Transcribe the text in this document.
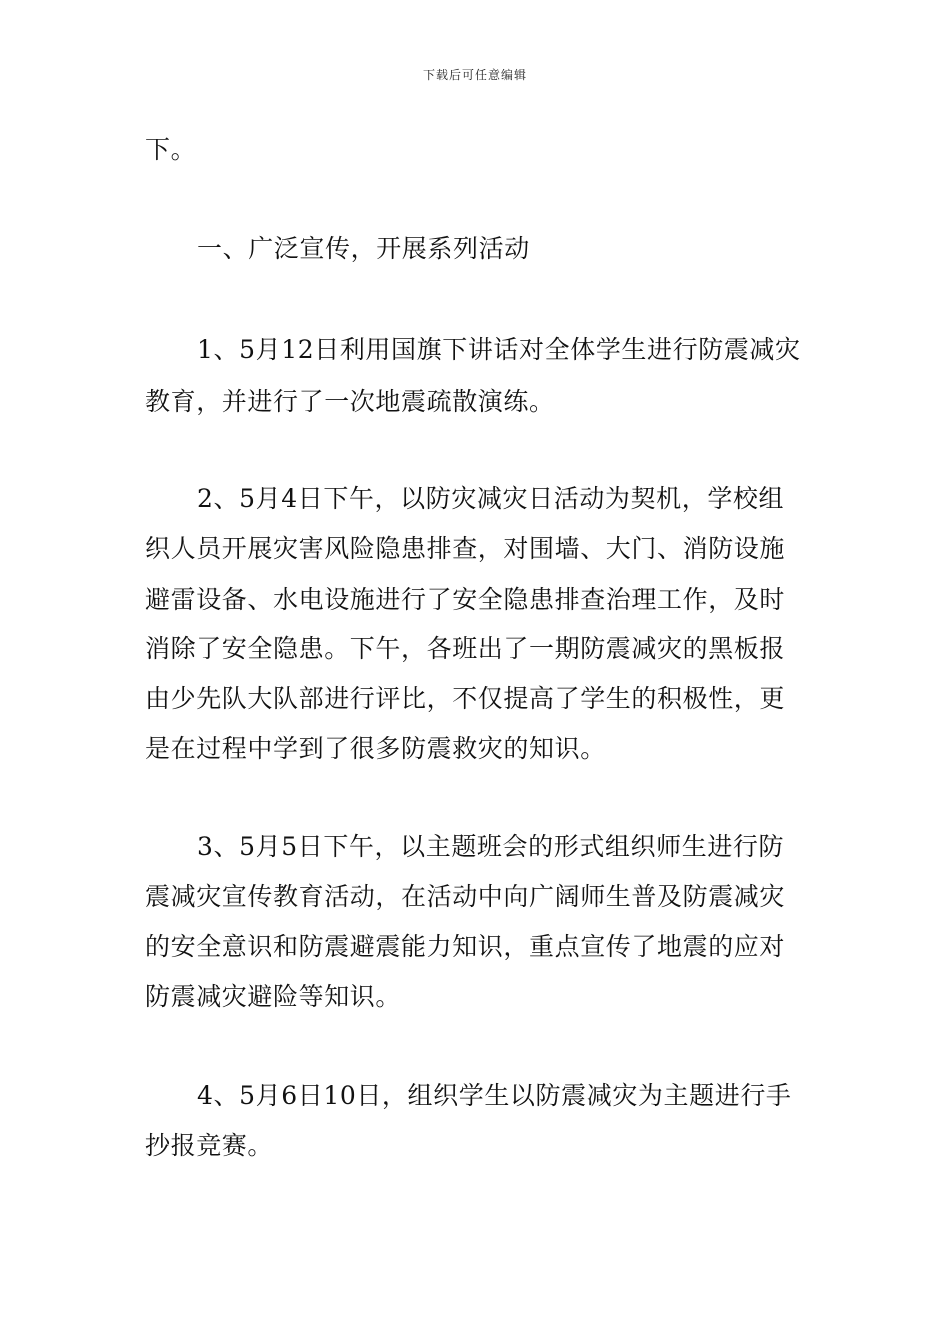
下载后可任意编辑
下。
一、广泛宣传，开展系列活动
1、5月12日利用国旗下讲话对全体学生进行防震减灾
教育，并进行了一次地震疏散演练。
2、5月4日下午，以防灾减灾日活动为契机，学校组
织人员开展灾害风险隐患排查，对围墙、大门、消防设施
避雷设备、水电设施进行了安全隐患排查治理工作，及时
消除了安全隐患。下午，各班出了一期防震减灾的黑板报
由少先队大队部进行评比，不仅提高了学生的积极性，更
是在过程中学到了很多防震救灾的知识。
3、5月5日下午，以主题班会的形式组织师生进行防
震减灾宣传教育活动，在活动中向广阔师生普及防震减灾
的安全意识和防震避震能力知识，重点宣传了地震的应对
防震减灾避险等知识。
4、5月6日10日，组织学生以防震减灾为主题进行手
抄报竞赛。
